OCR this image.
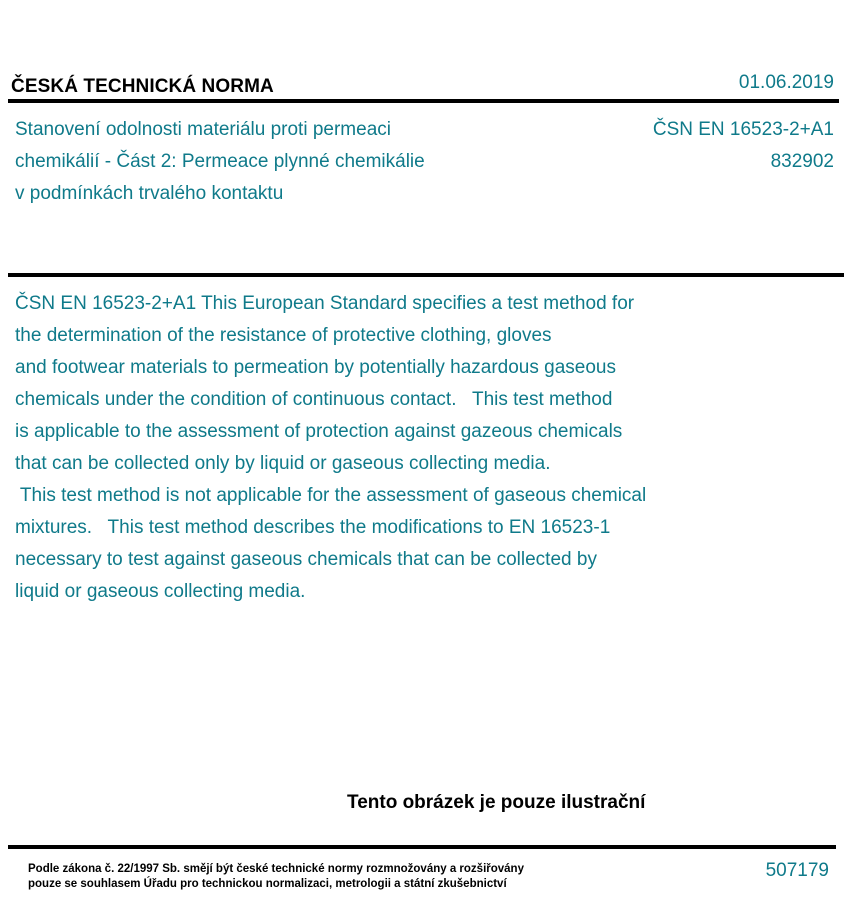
ČESKÁ TECHNICKÁ NORMA	01.06.2019
Stanovení odolnosti materiálu proti permeaci
chemikálií - Část 2: Permeace plynné chemikálie
v podmínkách trvalého kontaktu
ČSN EN 16523-2+A1
832902
ČSN EN 16523-2+A1 This European Standard specifies a test method for
the determination of the resistance of protective clothing, gloves
and footwear materials to permeation by potentially hazardous gaseous
chemicals under the condition of continuous contact.   This test method
is applicable to the assessment of protection against gazeous chemicals
that can be collected only by liquid or gaseous collecting media.
This test method is not applicable for the assessment of gaseous chemical
mixtures.   This test method describes the modifications to EN 16523-1
necessary to test against gaseous chemicals that can be collected by
liquid or gaseous collecting media.
Tento obrázek je pouze ilustrační
Podle zákona č. 22/1997 Sb. smějí být české technické normy rozmnožovány a rozšiřovány
pouze se souhlasem Úřadu pro technickou normalizaci, metrologii a státní zkušebnictví
507179
